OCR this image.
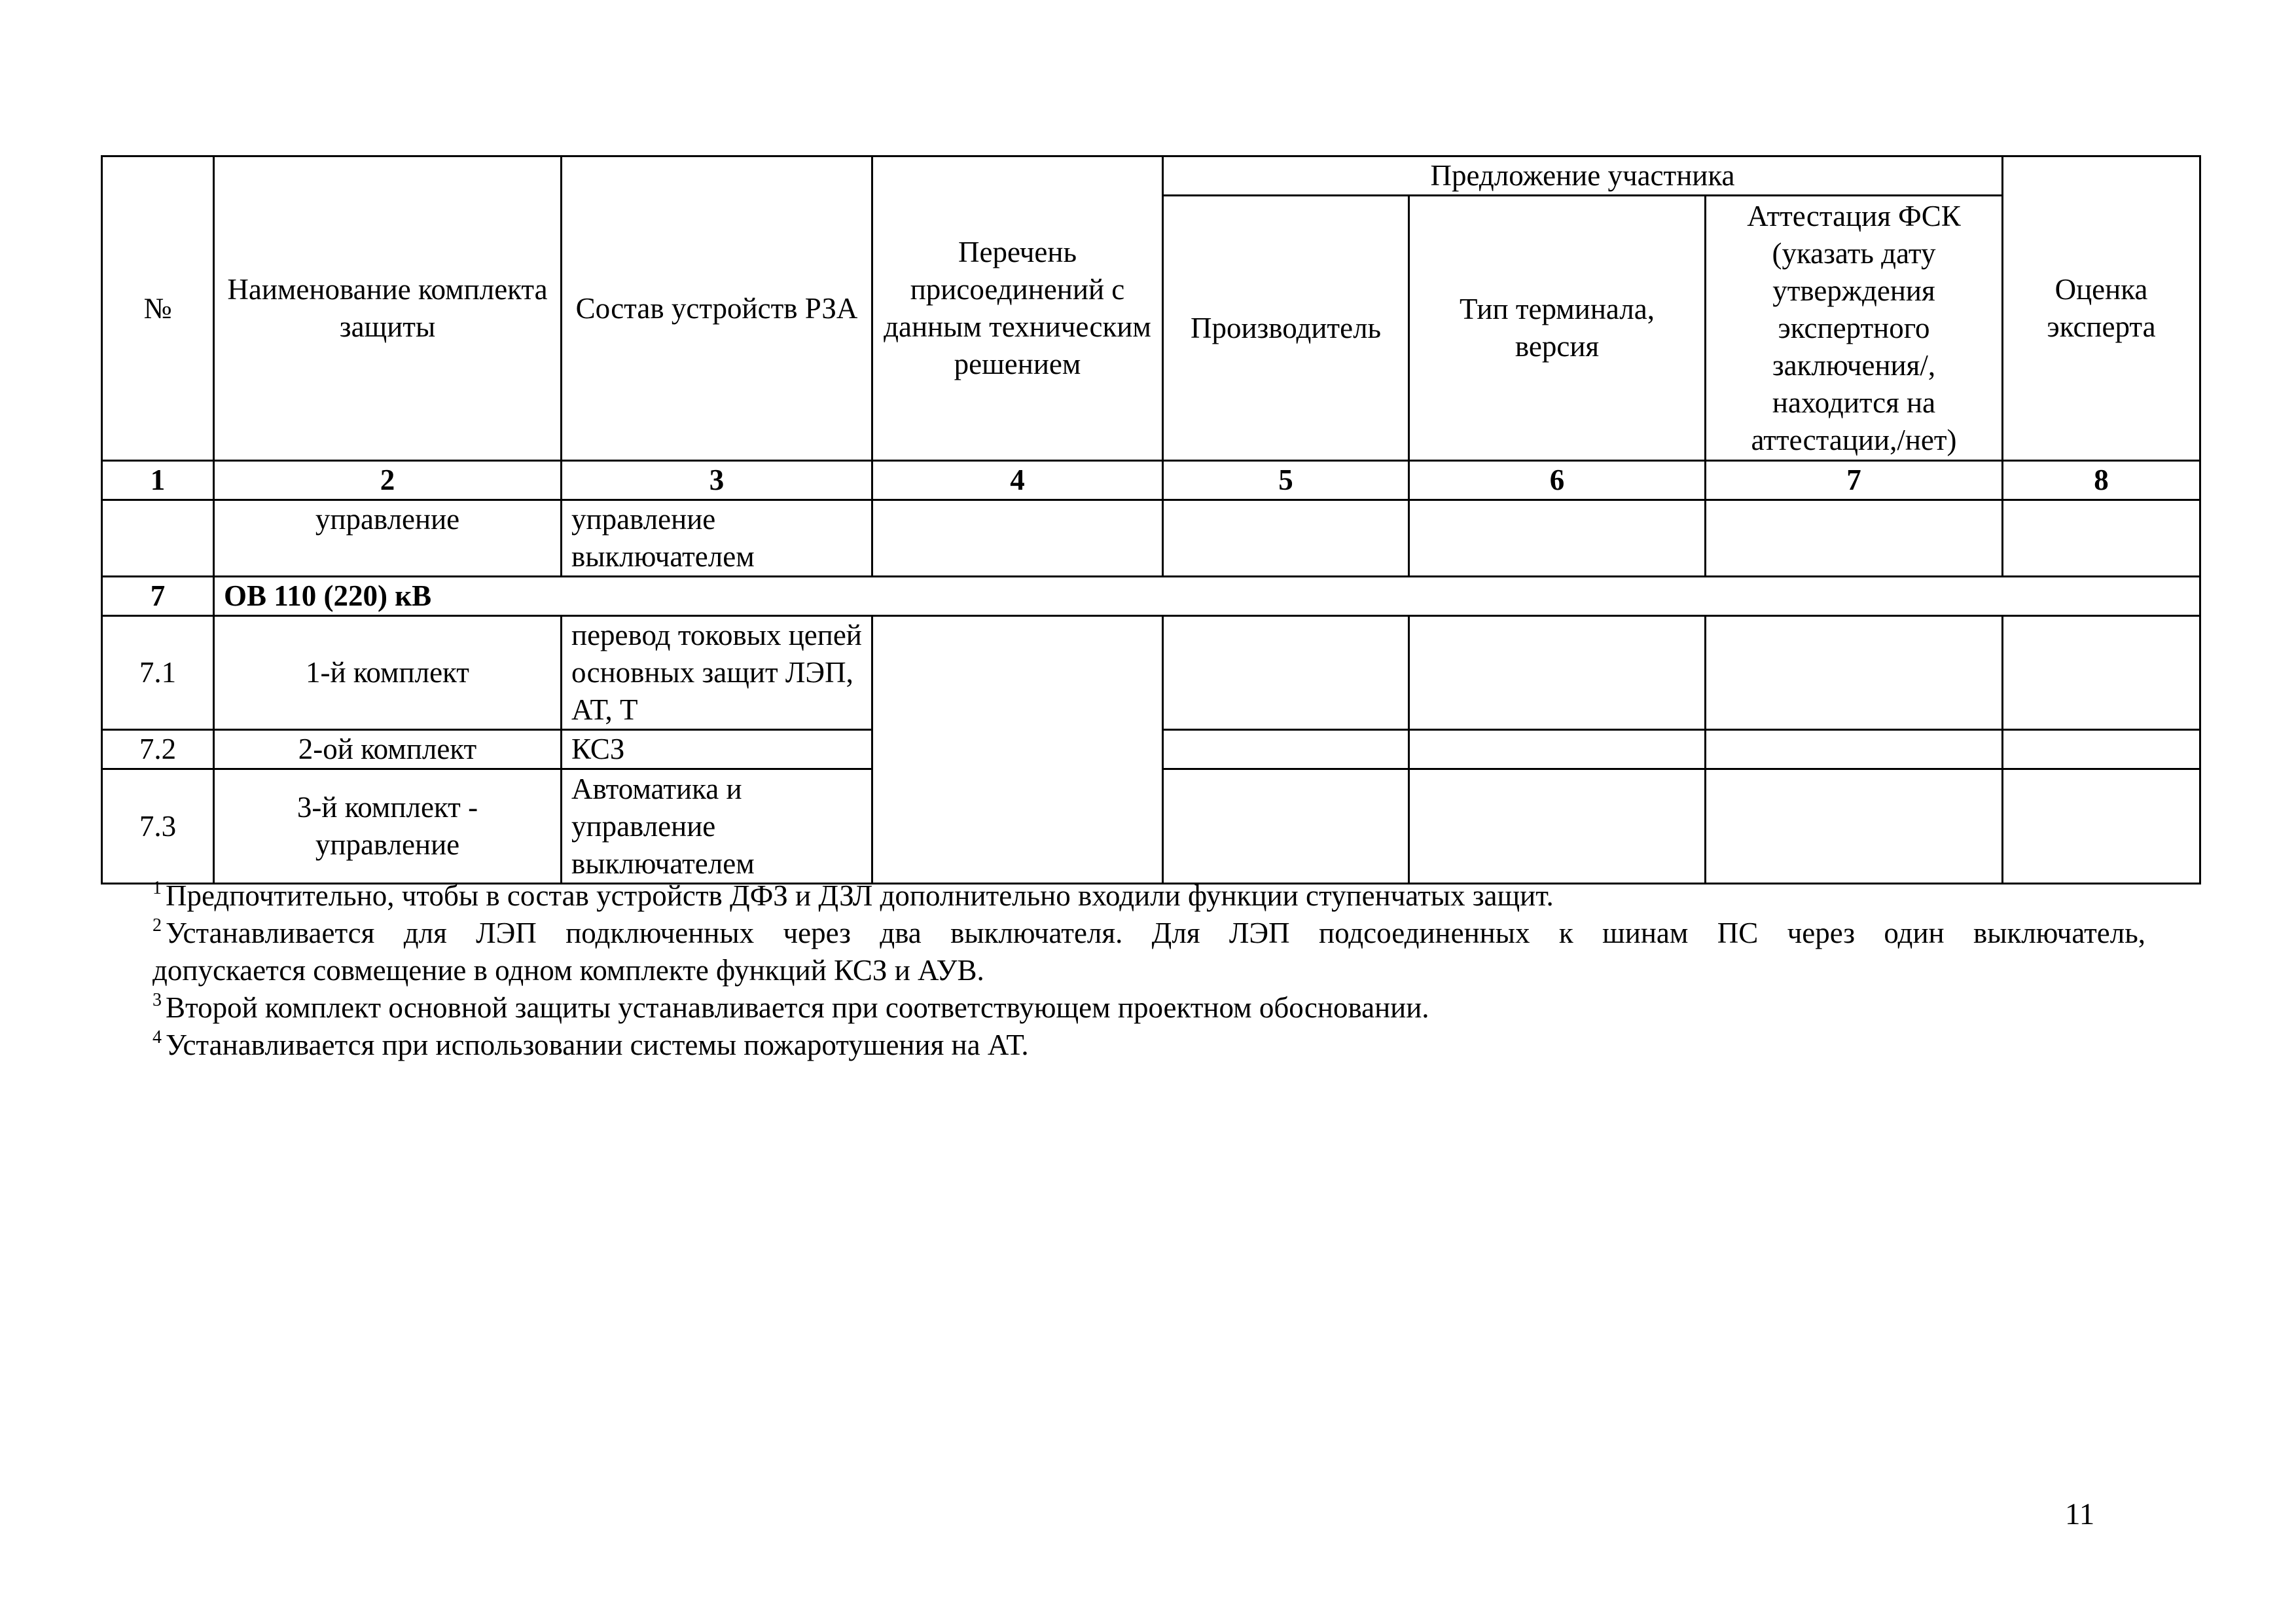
№	Наименование комплекта защиты	Состав устройств РЗА	Перечень присоединений с данным техническим решением	Предложение участника			Оценка эксперта
				Производитель	Тип терминала, версия	Аттестация ФСК (указать дату утверждения экспертного заключения/, находится на аттестации,/нет)	
1	2	3	4	5	6	7	8
	управление	управление выключателем					
7	ОВ 110 (220) кВ						
7.1	1-й комплект	перевод токовых цепей основных защит ЛЭП, АТ, Т					
7.2	2-ой комплект	КСЗ					
7.3	3-й комплект - управление	Автоматика и управление выключателем					

$^1$ Предпочтительно, чтобы в состав устройств ДФЗ и ДЗЛ дополнительно входили функции ступенчатых защит.

$^2$ Устанавливается для ЛЭП подключенных через два выключателя. Для ЛЭП подсоединенных к шинам ПС через один выключатель,

допускается совмещение в одном комплекте функций КСЗ и АУВ.

$^3$ Второй комплект основной защиты устанавливается при соответствующем проектном обосновании.

$^4$ Устанавливается при использовании системы пожаротушения на АТ.

11
